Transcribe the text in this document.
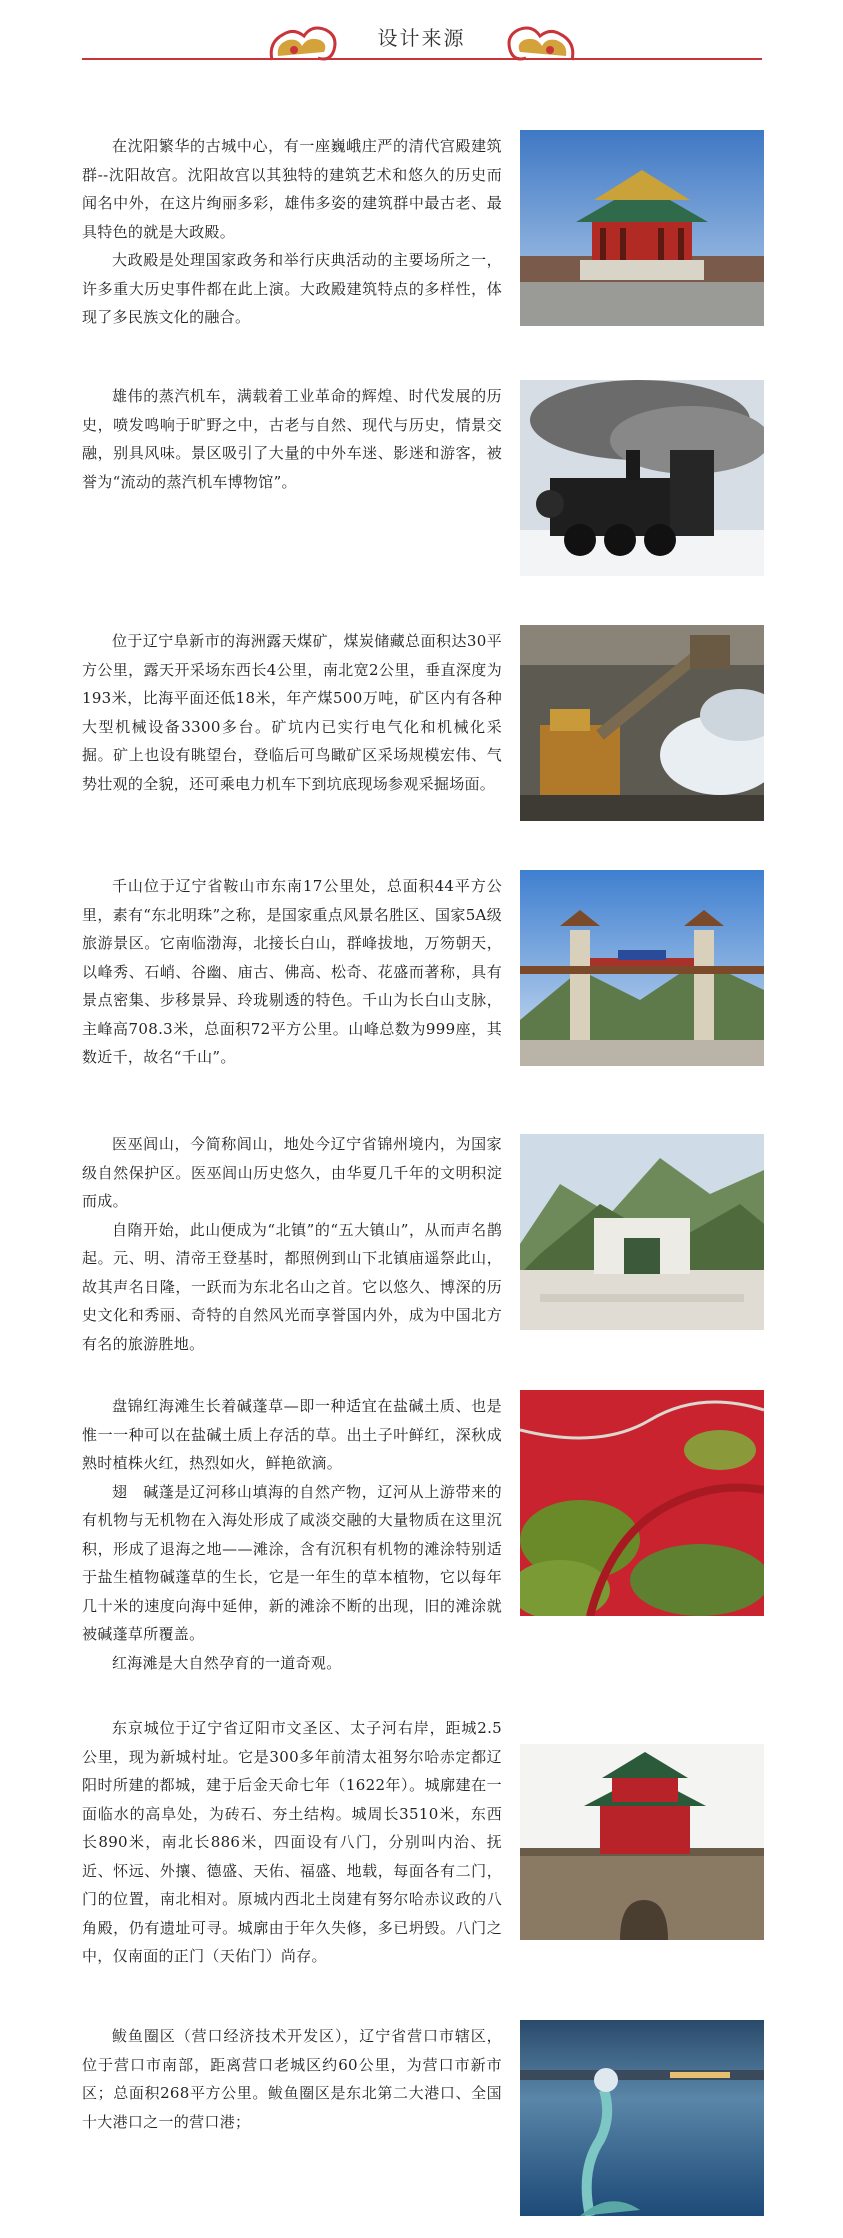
设计来源

在沈阳繁华的古城中心，有一座巍峨庄严的清代宫殿建筑群--沈阳故宫。沈阳故宫以其独特的建筑艺术和悠久的历史而闻名中外，在这片绚丽多彩，雄伟多姿的建筑群中最古老、最具特色的就是大政殿。

大政殿是处理国家政务和举行庆典活动的主要场所之一，许多重大历史事件都在此上演。大政殿建筑特点的多样性，体现了多民族文化的融合。

雄伟的蒸汽机车，满载着工业革命的辉煌、时代发展的历史，喷发鸣响于旷野之中，古老与自然、现代与历史，情景交融，别具风味。景区吸引了大量的中外车迷、影迷和游客，被誉为“流动的蒸汽机车博物馆”。

位于辽宁阜新市的海洲露天煤矿，煤炭储藏总面积达30平方公里，露天开采场东西长4公里，南北宽2公里，垂直深度为193米，比海平面还低18米，年产煤500万吨，矿区内有各种大型机械设备3300多台。矿坑内已实行电气化和机械化采掘。矿上也设有眺望台，登临后可鸟瞰矿区采场规模宏伟、气势壮观的全貌，还可乘电力机车下到坑底现场参观采掘场面。

千山位于辽宁省鞍山市东南17公里处，总面积44平方公里，素有“东北明珠”之称，是国家重点风景名胜区、国家5A级旅游景区。它南临渤海，北接长白山，群峰拔地，万笏朝天，以峰秀、石峭、谷幽、庙古、佛高、松奇、花盛而著称，具有景点密集、步移景异、玲珑剔透的特色。千山为长白山支脉，主峰高708.3米，总面积72平方公里。山峰总数为999座，其数近千，故名“千山”。

医巫闾山，今简称闾山，地处今辽宁省锦州境内，为国家级自然保护区。医巫闾山历史悠久，由华夏几千年的文明积淀而成。

自隋开始，此山便成为“北镇”的“五大镇山”，从而声名鹊起。元、明、清帝王登基时，都照例到山下北镇庙遥祭此山，故其声名日隆，一跃而为东北名山之首。它以悠久、博深的历史文化和秀丽、奇特的自然风光而享誉国内外，成为中国北方有名的旅游胜地。

盘锦红海滩生长着碱蓬草—即一种适宜在盐碱土质、也是惟一一种可以在盐碱土质上存活的草。出土子叶鲜红，深秋成熟时植株火红，热烈如火，鲜艳欲滴。

翅　碱蓬是辽河移山填海的自然产物，辽河从上游带来的有机物与无机物在入海处形成了咸淡交融的大量物质在这里沉积，形成了退海之地——滩涂，含有沉积有机物的滩涂特别适于盐生植物碱蓬草的生长，它是一年生的草本植物，它以每年几十米的速度向海中延伸，新的滩涂不断的出现，旧的滩涂就被碱蓬草所覆盖。

红海滩是大自然孕育的一道奇观。

东京城位于辽宁省辽阳市文圣区、太子河右岸，距城2.5公里，现为新城村址。它是300多年前清太祖努尔哈赤定都辽阳时所建的都城，建于后金天命七年（1622年）。城廓建在一面临水的高阜处，为砖石、夯土结构。城周长3510米，东西长890米，南北长886米，四面设有八门，分别叫内治、抚近、怀远、外攘、德盛、天佑、福盛、地载，每面各有二门，门的位置，南北相对。原城内西北土岗建有努尔哈赤议政的八角殿，仍有遗址可寻。城廓由于年久失修，多已坍毁。八门之中，仅南面的正门（天佑门）尚存。

鲅鱼圈区（营口经济技术开发区），辽宁省营口市辖区，位于营口市南部，距离营口老城区约60公里，为营口市新市区；总面积268平方公里。鲅鱼圈区是东北第二大港口、全国十大港口之一的营口港；
